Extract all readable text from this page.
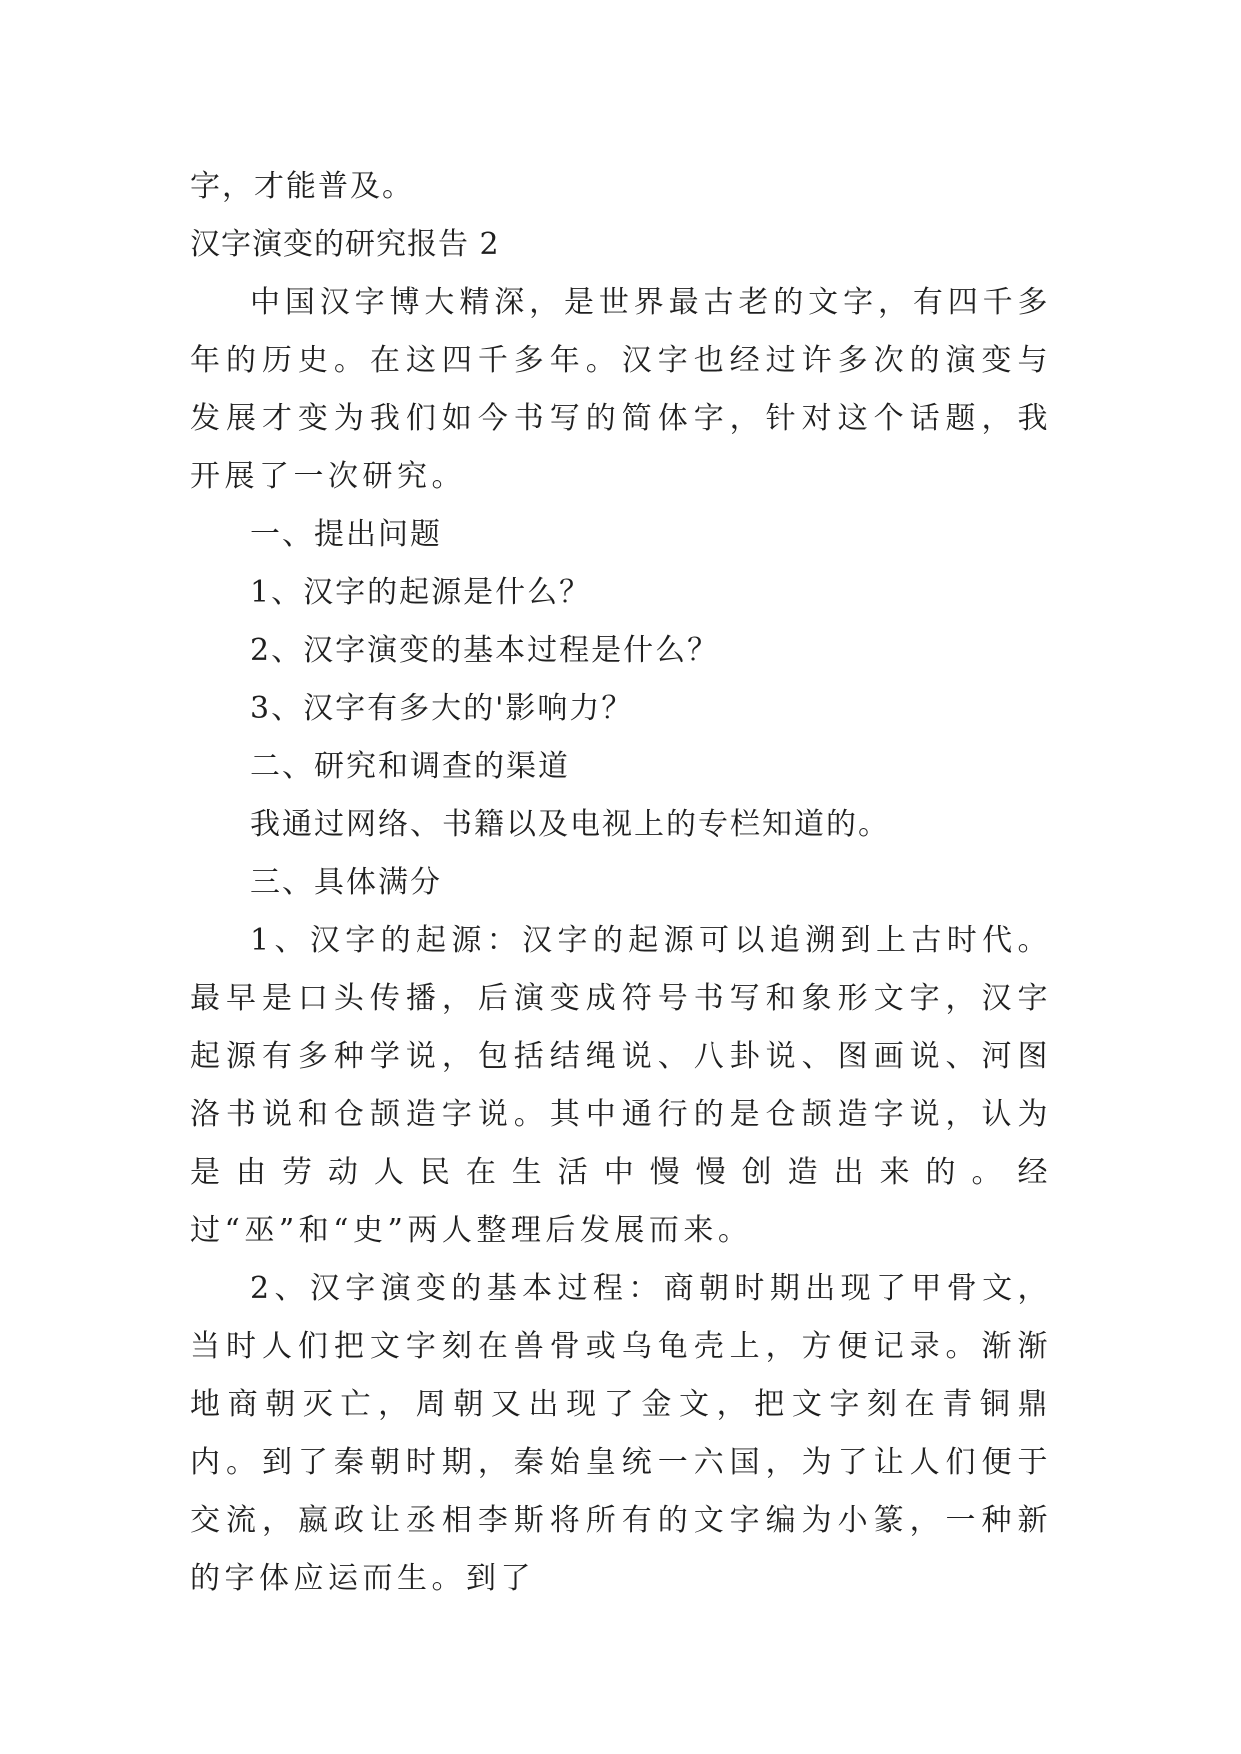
字，才能普及。

汉字演变的研究报告 2

中国汉字博大精深，是世界最古老的文字，有四千多年的历史。在这四千多年。汉字也经过许多次的演变与发展才变为我们如今书写的简体字，针对这个话题，我开展了一次研究。

一、提出问题

1、汉字的起源是什么？

2、汉字演变的基本过程是什么？

3、汉字有多大的'影响力？

二、研究和调查的渠道

我通过网络、书籍以及电视上的专栏知道的。

三、具体满分

1、汉字的起源：汉字的起源可以追溯到上古时代。最早是口头传播，后演变成符号书写和象形文字，汉字起源有多种学说，包括结绳说、八卦说、图画说、河图洛书说和仓颉造字说。其中通行的是仓颉造字说，认为是由劳动人民在生活中慢慢创造出来的。经过“巫”和“史”两人整理后发展而来。

2、汉字演变的基本过程：商朝时期出现了甲骨文，当时人们把文字刻在兽骨或乌龟壳上，方便记录。渐渐地商朝灭亡，周朝又出现了金文，把文字刻在青铜鼎内。到了秦朝时期，秦始皇统一六国，为了让人们便于交流，嬴政让丞相李斯将所有的文字编为小篆，一种新的字体应运而生。到了
